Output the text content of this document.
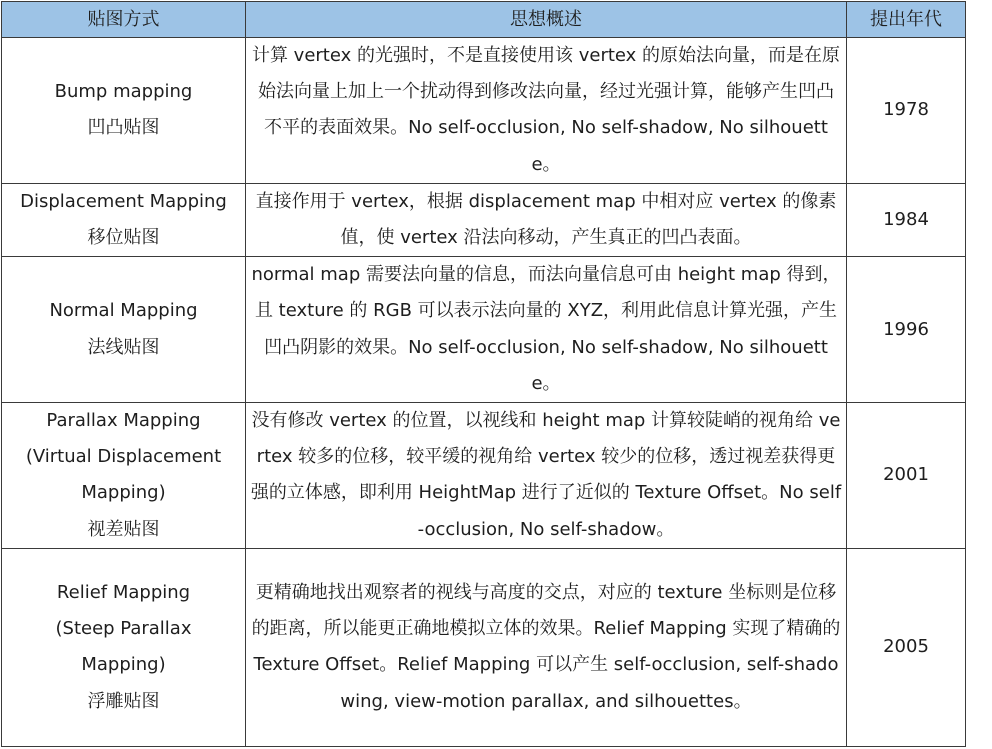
贴图方式	思想概述	提出年代

Bump mapping
凹凸贴图	计算 vertex 的光强时，不是直接使用该 vertex 的原始法向量，而是在原始法向量上加上一个扰动得到修改法向量，经过光强计算，能够产生凹凸不平的表面效果。No self-occlusion, No self-shadow, No silhouette。	1978

Displacement Mapping
移位贴图	直接作用于 vertex，根据 displacement map 中相对应 vertex 的像素值，使 vertex 沿法向移动，产生真正的凹凸表面。	1984

Normal Mapping
法线贴图	normal map 需要法向量的信息，而法向量信息可由 height map 得到，且 texture 的 RGB 可以表示法向量的 XYZ，利用此信息计算光强，产生凹凸阴影的效果。No self-occlusion, No self-shadow, No silhouette。	1996

Parallax Mapping
(Virtual Displacement
Mapping)
视差贴图	没有修改 vertex 的位置，以视线和 height map 计算较陡峭的视角给 vertex 较多的位移，较平缓的视角给 vertex 较少的位移，透过视差获得更强的立体感，即利用 HeightMap 进行了近似的 Texture Offset。No self-occlusion, No self-shadow。	2001

Relief Mapping
(Steep Parallax
Mapping)
浮雕贴图	更精确地找出观察者的视线与高度的交点，对应的 texture 坐标则是位移的距离，所以能更正确地模拟立体的效果。Relief Mapping 实现了精确的 Texture Offset。Relief Mapping 可以产生 self-occlusion, self-shadowing, view-motion parallax, and silhouettes。	2005
